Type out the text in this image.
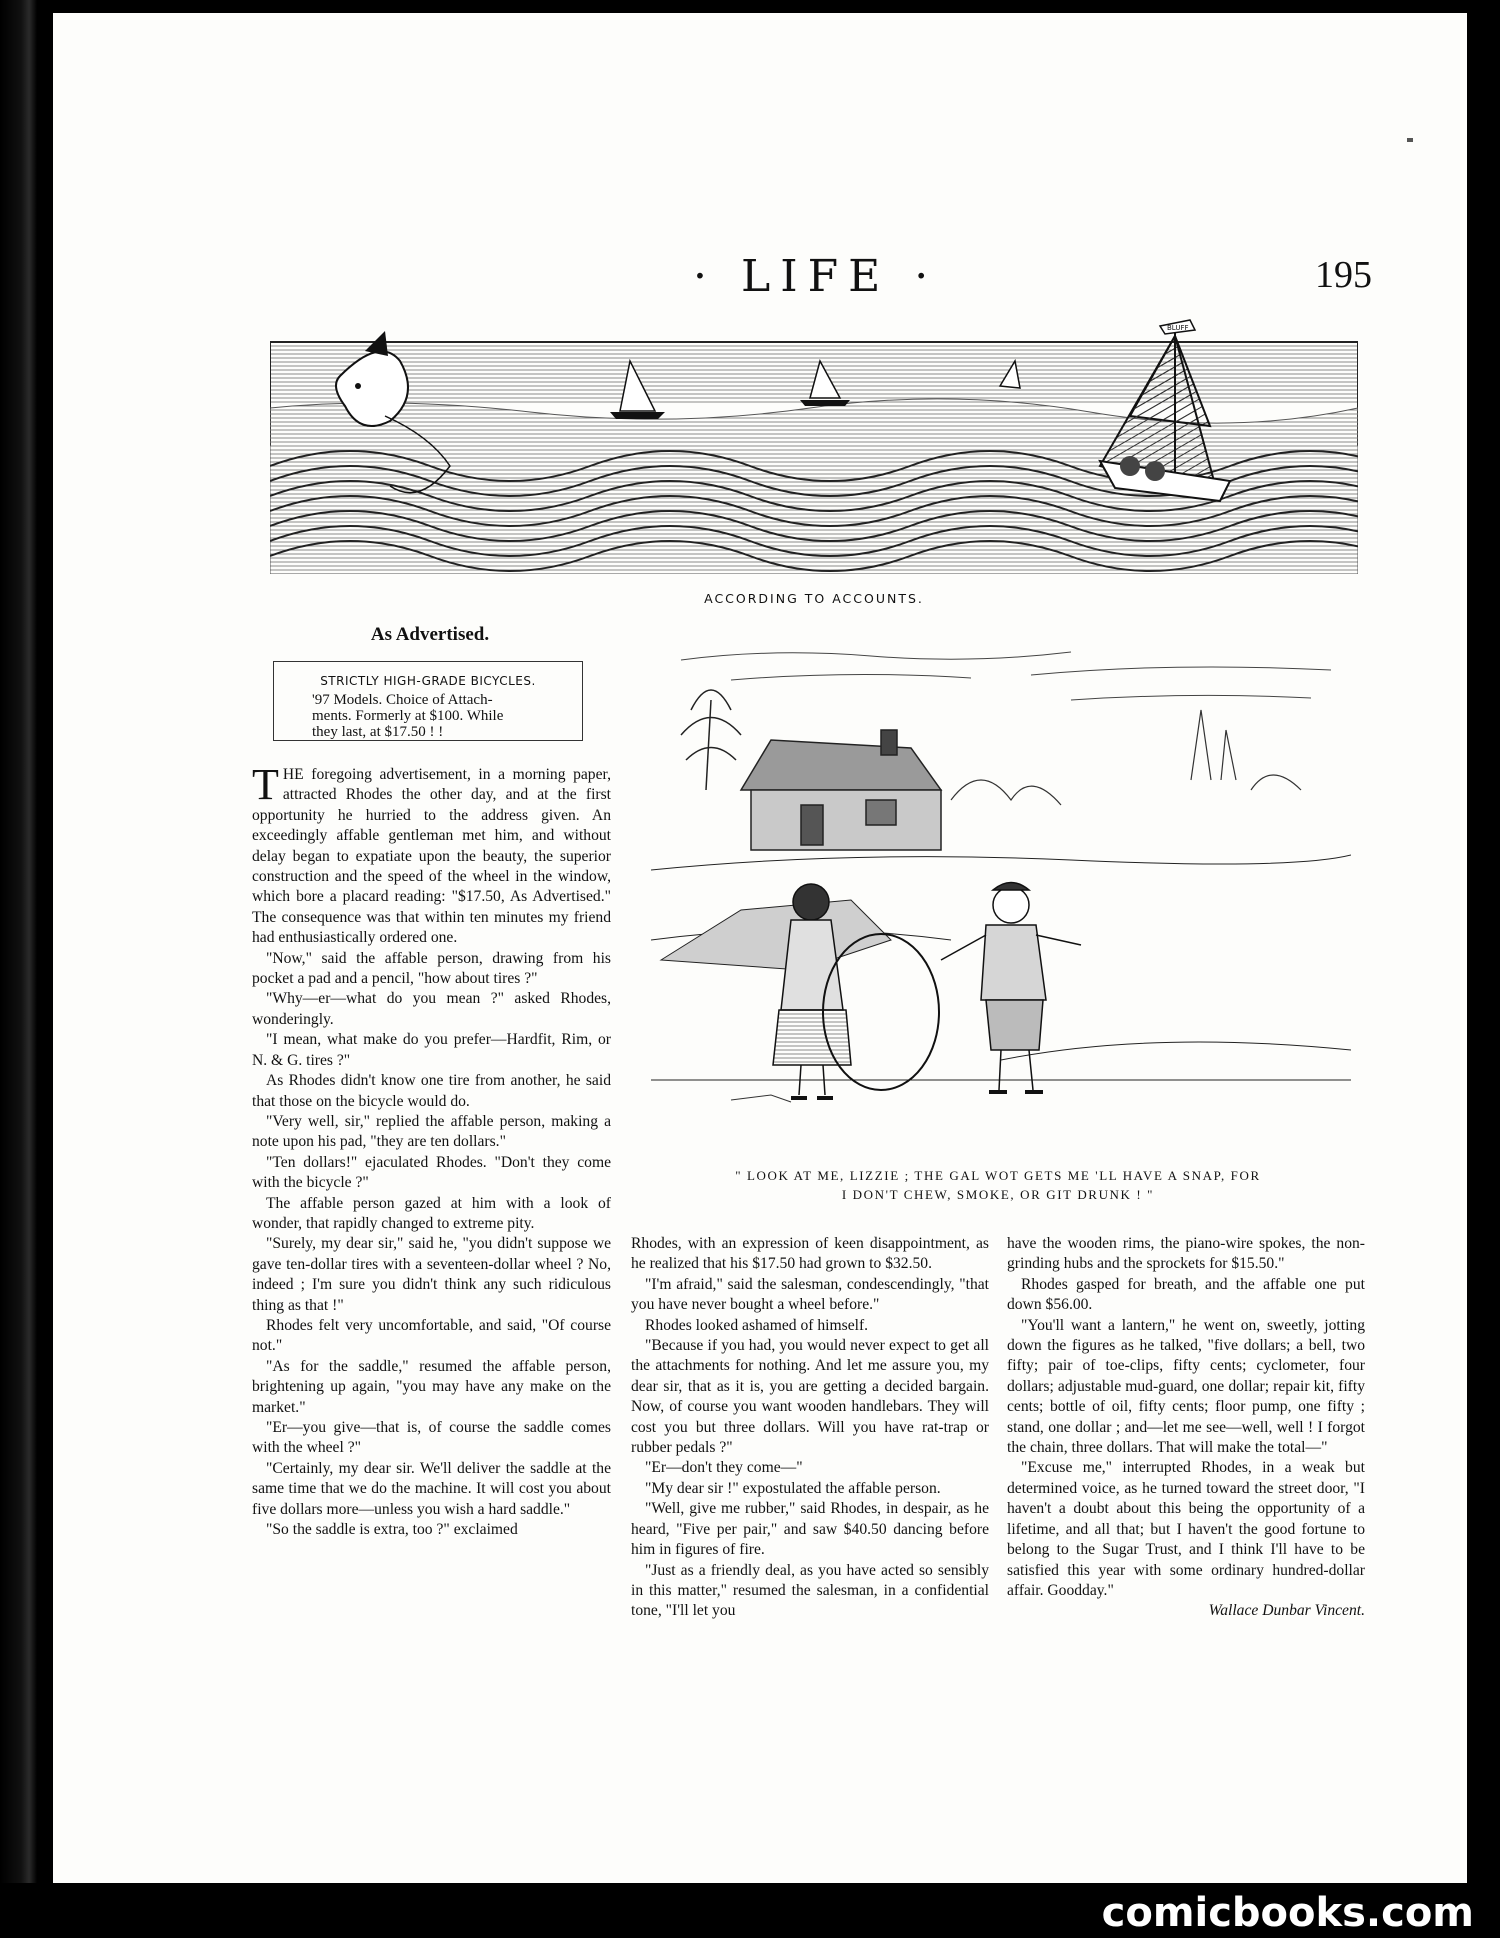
· LIFE ·	195
BLUFF
ACCORDING TO ACCOUNTS.
As Advertised.
STRICTLY HIGH-GRADE BICYCLES.
'97 Models. Choice of Attach-
ments. Formerly at $100. While
they last, at $17.50 ! !

THE foregoing advertisement, in a morning paper, attracted Rhodes the other day, and at the first opportunity he hurried to the address given. An exceedingly affable gentleman met him, and without delay began to expatiate upon the beauty, the superior construction and the speed of the wheel in the window, which bore a placard reading: "$17.50, As Advertised." The consequence was that within ten minutes my friend had enthusiastically ordered one.

"Now," said the affable person, drawing from his pocket a pad and a pencil, "how about tires ?"

"Why—er—what do you mean ?" asked Rhodes, wonderingly.

"I mean, what make do you prefer—Hardfit, Rim, or N. & G. tires ?"

As Rhodes didn't know one tire from another, he said that those on the bicycle would do.

"Very well, sir," replied the affable person, making a note upon his pad, "they are ten dollars."

"Ten dollars!" ejaculated Rhodes. "Don't they come with the bicycle ?"

The affable person gazed at him with a look of wonder, that rapidly changed to extreme pity.

"Surely, my dear sir," said he, "you didn't suppose we gave ten-dollar tires with a seventeen-dollar wheel ? No, indeed ; I'm sure you didn't think any such ridiculous thing as that !"

Rhodes felt very uncomfortable, and said, "Of course not."

"As for the saddle," resumed the affable person, brightening up again, "you may have any make on the market."

"Er—you give—that is, of course the saddle comes with the wheel ?"

"Certainly, my dear sir. We'll deliver the saddle at the same time that we do the machine. It will cost you about five dollars more—unless you wish a hard saddle."

"So the saddle is extra, too ?" exclaimed

" LOOK AT ME, LIZZIE ; THE GAL WOT GETS ME 'LL HAVE A SNAP, FOR
I DON'T CHEW, SMOKE, OR GIT DRUNK ! "

Rhodes, with an expression of keen disappointment, as he realized that his $17.50 had grown to $32.50.

"I'm afraid," said the salesman, condescendingly, "that you have never bought a wheel before."

Rhodes looked ashamed of himself.

"Because if you had, you would never expect to get all the attachments for nothing. And let me assure you, my dear sir, that as it is, you are getting a decided bargain. Now, of course you want wooden handlebars. They will cost you but three dollars. Will you have rat-trap or rubber pedals ?"

"Er—don't they come—"

"My dear sir !" expostulated the affable person.

"Well, give me rubber," said Rhodes, in despair, as he heard, "Five per pair," and saw $40.50 dancing before him in figures of fire.

"Just as a friendly deal, as you have acted so sensibly in this matter," resumed the salesman, in a confidential tone, "I'll let you

have the wooden rims, the piano-wire spokes, the non-grinding hubs and the sprockets for $15.50."

Rhodes gasped for breath, and the affable one put down $56.00.

"You'll want a lantern," he went on, sweetly, jotting down the figures as he talked, "five dollars; a bell, two fifty; pair of toe-clips, fifty cents; cyclometer, four dollars; adjustable mud-guard, one dollar; repair kit, fifty cents; bottle of oil, fifty cents; floor pump, one fifty ; stand, one dollar ; and—let me see—well, well ! I forgot the chain, three dollars. That will make the total—"

"Excuse me," interrupted Rhodes, in a weak but determined voice, as he turned toward the street door, "I haven't a doubt about this being the opportunity of a lifetime, and all that; but I haven't the good fortune to belong to the Sugar Trust, and I think I'll have to be satisfied this year with some ordinary hundred-dollar affair. Goodday."

Wallace Dunbar Vincent.
comicbooks.com
